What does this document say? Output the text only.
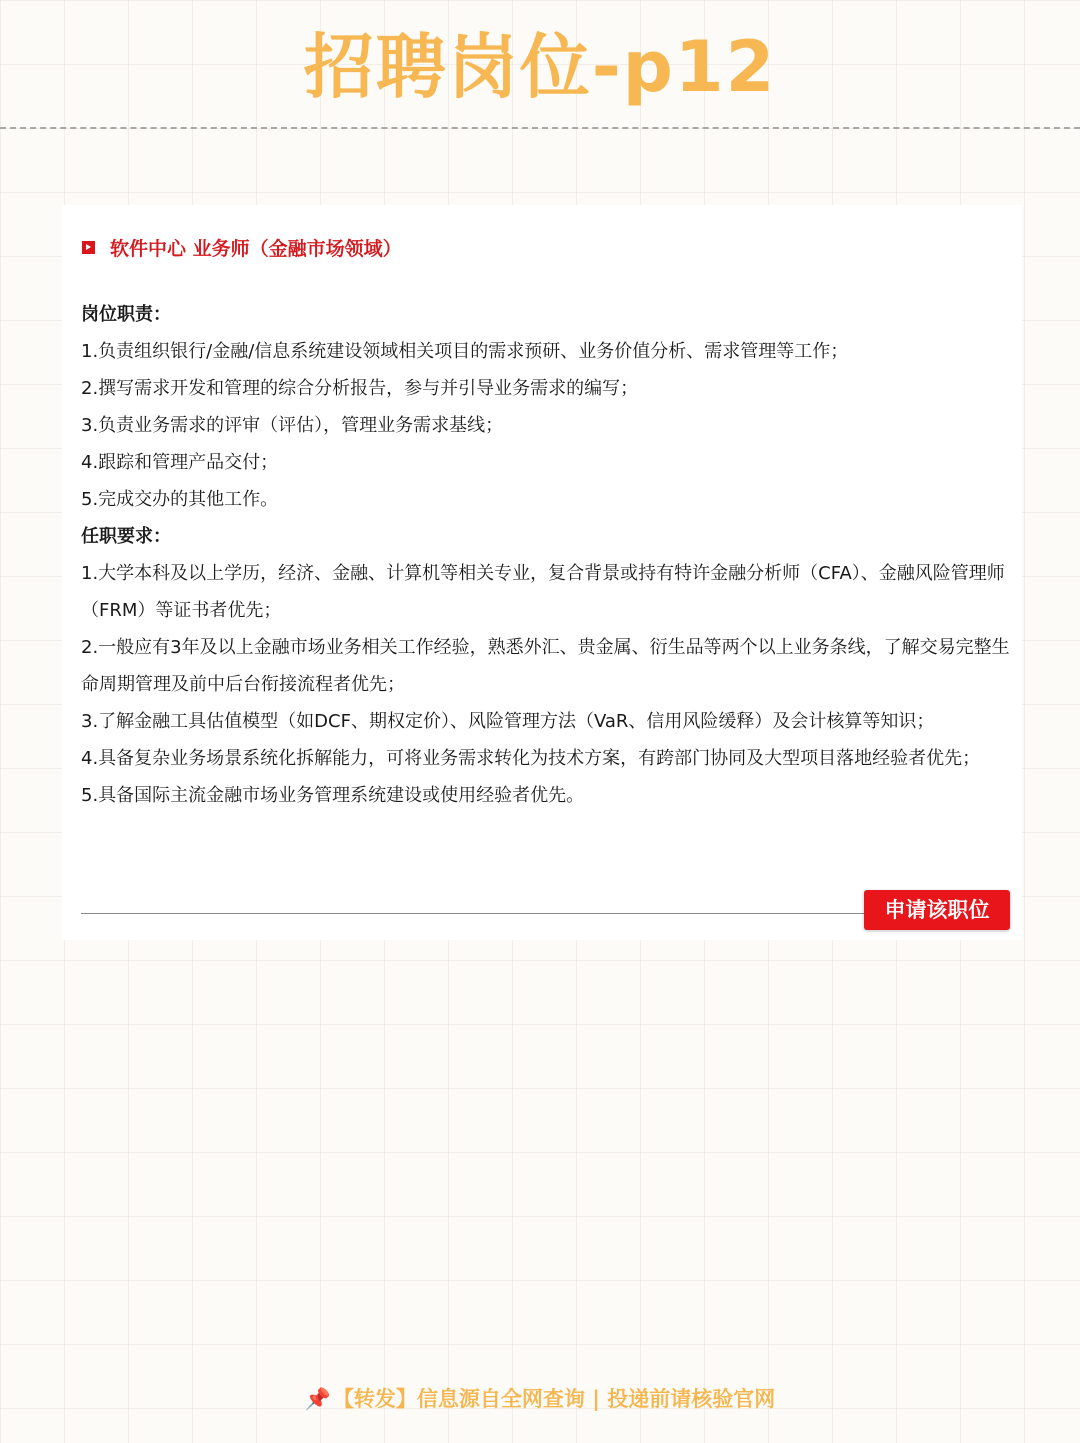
招聘岗位-p12
软件中心 业务师（金融市场领域）

岗位职责：

1.负责组织银行/金融/信息系统建设领域相关项目的需求预研、业务价值分析、需求管理等工作；

2.撰写需求开发和管理的综合分析报告，参与并引导业务需求的编写；

3.负责业务需求的评审（评估），管理业务需求基线；

4.跟踪和管理产品交付；

5.完成交办的其他工作。

任职要求：

1.大学本科及以上学历，经济、金融、计算机等相关专业，复合背景或持有特许金融分析师（CFA）、金融风险管理师（FRM）等证书者优先；

2.一般应有3年及以上金融市场业务相关工作经验，熟悉外汇、贵金属、衍生品等两个以上业务条线，了解交易完整生命周期管理及前中后台衔接流程者优先；

3.了解金融工具估值模型（如DCF、期权定价）、风险管理方法（VaR、信用风险缓释）及会计核算等知识；

4.具备复杂业务场景系统化拆解能力，可将业务需求转化为技术方案，有跨部门协同及大型项目落地经验者优先；

5.具备国际主流金融市场业务管理系统建设或使用经验者优先。

申请该职位
📌【转发】信息源自全网查询 | 投递前请核验官网
